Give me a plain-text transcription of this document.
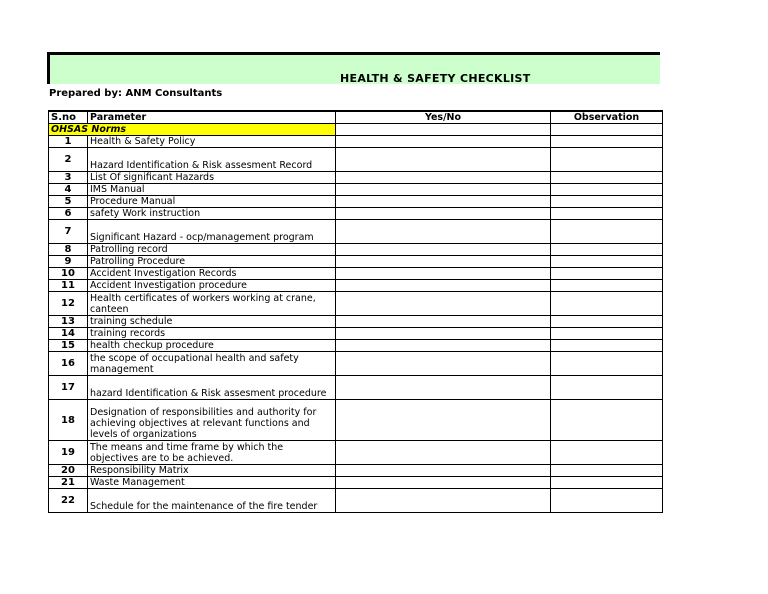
HEALTH & SAFETY CHECKLIST
Prepared by: ANM Consultants
S.no	Parameter	Yes/No	Observation
OHSAS Norms			
1	Health & Safety Policy		
2	Hazard Identification & Risk assesment Record		
3	List Of significant Hazards		
4	IMS Manual		
5	Procedure Manual		
6	safety Work instruction		
7	Significant Hazard - ocp/management program		
8	Patrolling record		
9	Patrolling Procedure		
10	Accident Investigation Records		
11	Accident Investigation procedure		
12	Health certificates of workers working at crane, canteen		
13	training schedule		
14	training records		
15	health checkup procedure		
16	the scope of occupational health and safety management		
17	hazard Identification & Risk assesment procedure		
18	Designation of responsibilities and authority for achieving objectives at relevant functions and levels of organizations		
19	The means and time frame by which the objectives are to be achieved.		
20	Responsibility Matrix		
21	Waste Management		
22	Schedule for the maintenance of the fire tender		
